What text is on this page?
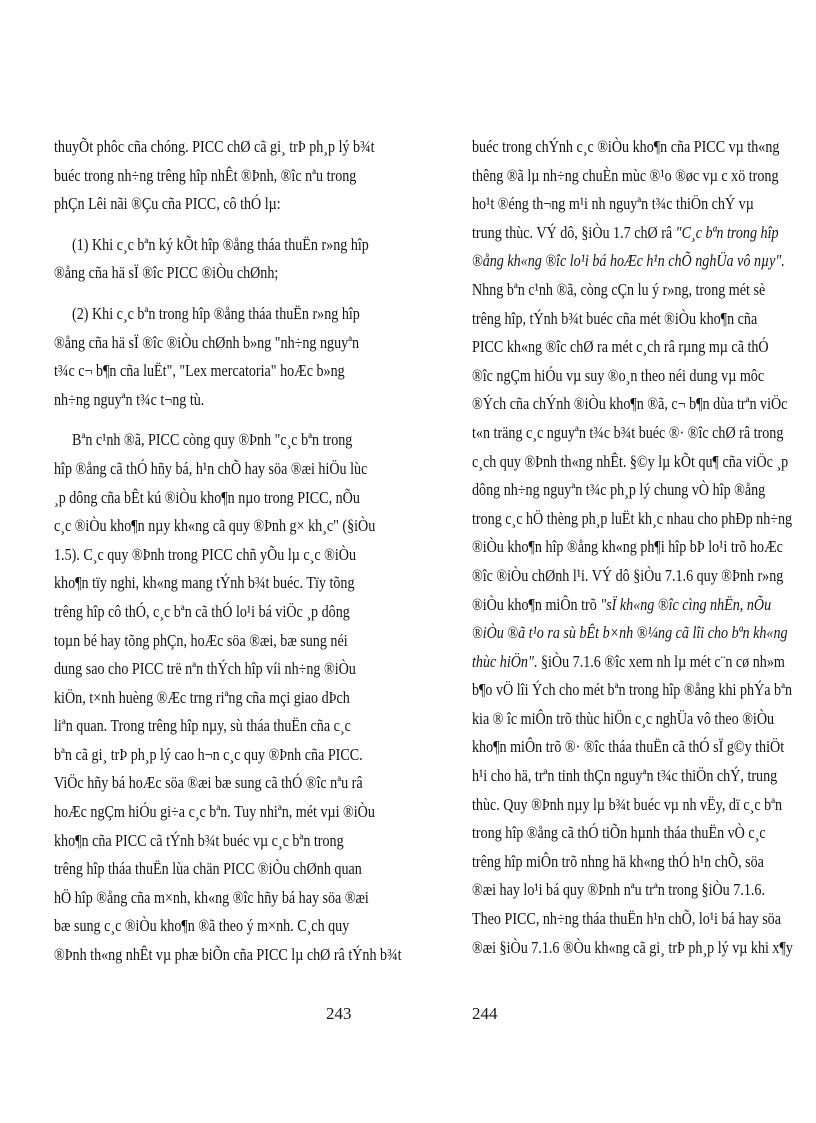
thuyÕt phôc cña chóng. PICC chØ cã gi¸ trÞ ph¸p lý b¾t
buéc trong nh÷ng trêng hîp nhÊt ®Þnh, ®îc nªu trong
phÇn Lêi nãi ®Çu cña PICC, cô thÓ lµ:
(1) Khi c¸c bªn ký kÕt hîp ®ång tháa thuËn r»ng hîp
®ång cña hä sÏ ®îc PICC ®iÒu chØnh;
(2) Khi c¸c bªn trong hîp ®ång tháa thuËn r»ng hîp
®ång cña hä sÏ ®îc ®iÒu chØnh b»ng "nh÷ng nguyªn
t¾c c¬ b¶n cña luËt", "Lex mercatoria" hoÆc b»ng
nh÷ng nguyªn t¾c t¬ng tù.
Bªn c¹nh ®ã, PICC còng quy ®Þnh "c¸c bªn trong
hîp ®ång cã thÓ hñy bá, h¹n chÕ hay söa ®æi hiÖu lùc
¸p dông cña bÊt kú ®iÒu kho¶n nµo trong PICC, nÕu
c¸c ®iÒu kho¶n nµy kh«ng cã quy ®Þnh g× kh¸c" (§iÒu
1.5). C¸c quy ®Þnh trong PICC chñ yÕu lµ c¸c ®iÒu
kho¶n tïy nghi, kh«ng mang tÝnh b¾t buéc. Tïy tõng
trêng hîp cô thÓ, c¸c bªn cã thÓ lo¹i bá viÖc ¸p dông
toµn bé hay tõng phÇn, hoÆc söa ®æi, bæ sung néi
dung sao cho PICC trë nªn thÝch hîp víi nh÷ng ®iÒu
kiÖn, t×nh huèng ®Æc trng riªng cña mçi giao dÞch
liªn quan. Trong trêng hîp nµy, sù tháa thuËn cña c¸c
bªn cã gi¸ trÞ ph¸p lý cao h¬n c¸c quy ®Þnh cña PICC.
ViÖc hñy bá hoÆc söa ®æi bæ sung cã thÓ ®îc nªu râ
hoÆc ngÇm hiÓu gi÷a c¸c bªn. Tuy nhiªn, mét vµi ®iÒu
kho¶n cña PICC cã tÝnh b¾t buéc vµ c¸c bªn trong
trêng hîp tháa thuËn lùa chän PICC ®iÒu chØnh quan
hÖ hîp ®ång cña m×nh, kh«ng ®îc hñy bá hay söa ®æi
bæ sung c¸c ®iÒu kho¶n ®ã theo ý m×nh. C¸ch quy
®Þnh th«ng nhÊt vµ phæ biÕn cña PICC lµ chØ râ tÝnh b¾t
buéc trong chÝnh c¸c ®iÒu kho¶n cña PICC vµ th«ng
thêng ®ã lµ nh÷ng chuÈn mùc ®¹o ®øc vµ c xö trong
ho¹t ®éng th¬ng m¹i nh nguyªn t¾c thiÖn chÝ vµ
trung thùc. VÝ dô, §iÒu 1.7 chØ râ "C¸c bªn trong hîp
®ång kh«ng ®îc lo¹i bá hoÆc h¹n chÕ nghÜa vô nµy".
Nhng bªn c¹nh ®ã, còng cÇn lu ý r»ng, trong mét sè
trêng hîp, tÝnh b¾t buéc cña mét ®iÒu kho¶n cña
PICC kh«ng ®îc chØ ra mét c¸ch râ rµng mµ cã thÓ
®îc ngÇm hiÓu vµ suy ®o¸n theo néi dung vµ môc
®Ých cña chÝnh ®iÒu kho¶n ®ã, c¬ b¶n dùa trªn viÖc
t«n träng c¸c nguyªn t¾c b¾t buéc ®· ®îc chØ râ trong
c¸ch quy ®Þnh th«ng nhÊt. §©y lµ kÕt qu¶ cña viÖc ¸p
dông nh÷ng nguyªn t¾c ph¸p lý chung vÒ hîp ®ång
trong c¸c hÖ thèng ph¸p luËt kh¸c nhau cho phÐp nh÷ng
®iÒu kho¶n hîp ®ång kh«ng ph¶i hîp bÞ lo¹i trõ hoÆc
®îc ®iÒu chØnh l¹i. VÝ dô §iÒu 7.1.6 quy ®Þnh r»ng
®iÒu kho¶n miÔn trõ "sÏ kh«ng ®îc cìng nhËn, nÕu
®iÒu ®ã t¹o ra sù bÊt b×nh ®¼ng cã lîi cho bªn kh«ng
thùc hiÖn". §iÒu 7.1.6 ®îc xem nh lµ mét c¨n cø nh»m
b¶o vÖ lîi Ých cho mét bªn trong hîp ®ång khi phÝa bªn
kia ® îc miÔn trõ thùc hiÖn c¸c nghÜa vô theo ®iÒu
kho¶n miÔn trõ ®· ®îc tháa thuËn cã thÓ sÏ g©y thiÖt
h¹i cho hä, trªn tinh thÇn nguyªn t¾c thiÖn chÝ, trung
thùc. Quy ®Þnh nµy lµ b¾t buéc vµ nh vËy, dï c¸c bªn
trong hîp ®ång cã thÓ tiÕn hµnh tháa thuËn vÒ c¸c
trêng hîp miÔn trõ nhng hä kh«ng thÓ h¹n chÕ, söa
®æi hay lo¹i bá quy ®Þnh nªu trªn trong §iÒu 7.1.6.
Theo PICC, nh÷ng tháa thuËn h¹n chÕ, lo¹i bá hay söa
®æi §iÒu 7.1.6 ®Òu kh«ng cã gi¸ trÞ ph¸p lý vµ khi x¶y
243	244
